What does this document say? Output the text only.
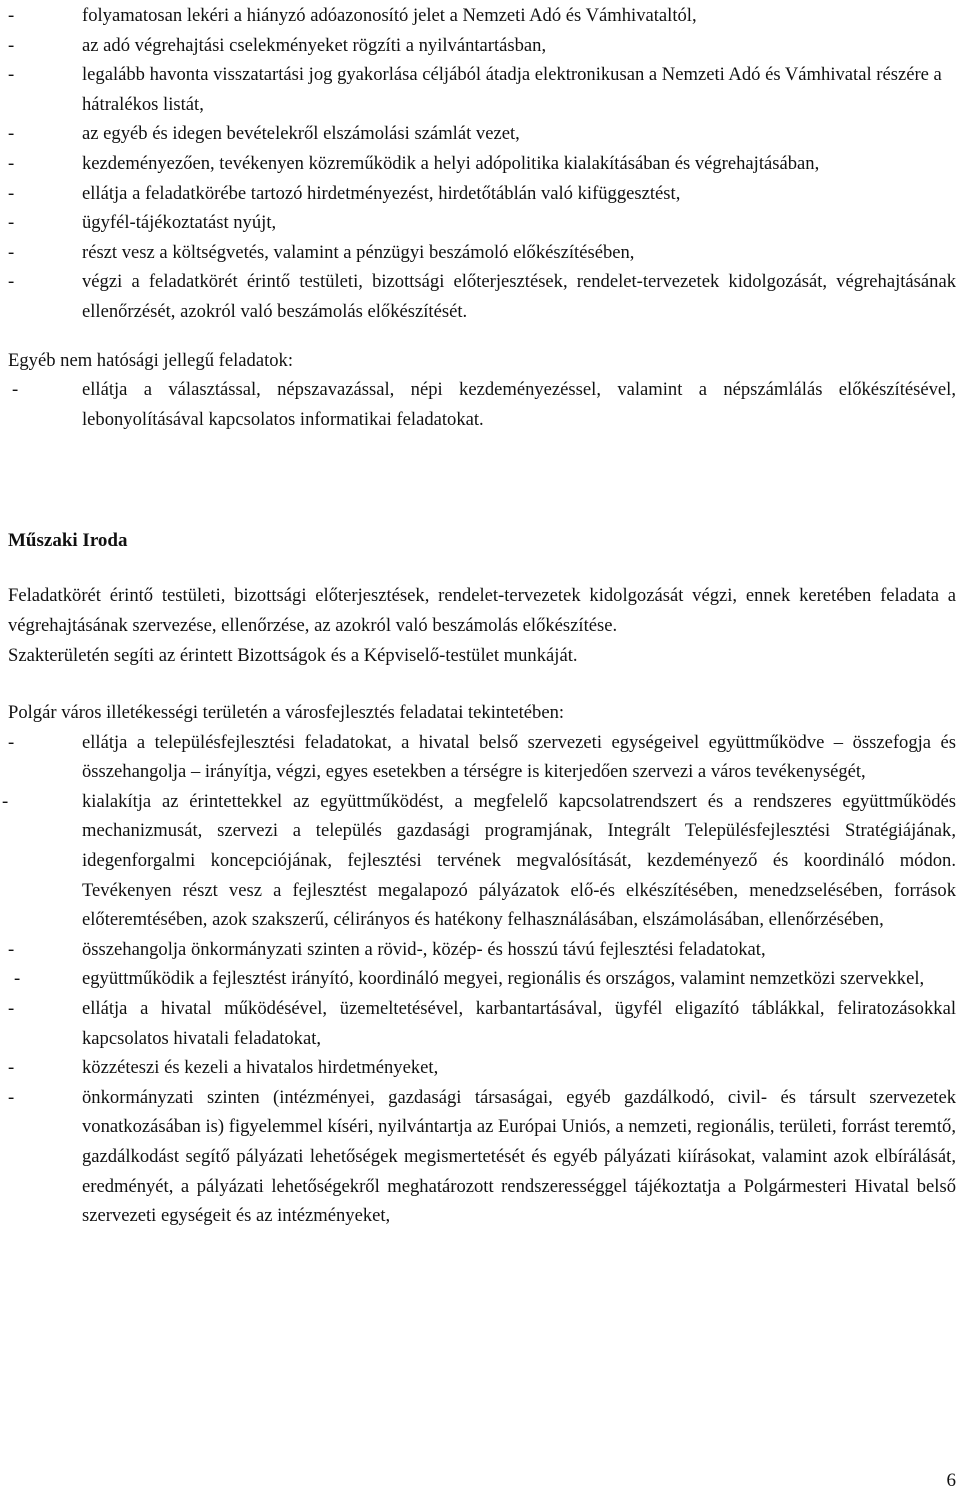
-	folyamatosan lekéri a hiányzó adóazonosító jelet a Nemzeti Adó és Vámhivataltól,
-	az adó végrehajtási cselekményeket rögzíti a nyilvántartásban,
-	legalább havonta visszatartási jog gyakorlása céljából átadja elektronikusan a Nemzeti Adó és Vámhivatal részére a hátralékos listát,
-	az egyéb és idegen bevételekről elszámolási számlát vezet,
-	kezdeményezően, tevékenyen közreműködik a helyi adópolitika kialakításában és végrehajtásában,
-	ellátja a feladatkörébe tartozó hirdetményezést, hirdetőtáblán való kifüggesztést,
-	ügyfél-tájékoztatást nyújt,
-	részt vesz a költségvetés, valamint a pénzügyi beszámoló előkészítésében,
-	végzi a feladatkörét érintő testületi, bizottsági előterjesztések, rendelet-tervezetek kidolgozását, végrehajtásának ellenőrzését, azokról való beszámolás előkészítését.

Egyéb nem hatósági jellegű feladatok:

-	ellátja a választással, népszavazással, népi kezdeményezéssel, valamint a népszámlálás előkészítésével, lebonyolításával kapcsolatos informatikai feladatokat.
Műszaki Iroda

Feladatkörét érintő testületi, bizottsági előterjesztések, rendelet-tervezetek kidolgozását végzi, ennek keretében feladata a végrehajtásának szervezése, ellenőrzése, az azokról való beszámolás előkészítése.

Szakterületén segíti az érintett Bizottságok és a Képviselő-testület munkáját.

Polgár város illetékességi területén a városfejlesztés feladatai tekintetében:

-	ellátja a településfejlesztési feladatokat, a hivatal belső szervezeti egységeivel együttműködve – összefogja és összehangolja – irányítja, végzi, egyes esetekben a térségre is kiterjedően szervezi a város tevékenységét,
-	kialakítja az érintettekkel az együttműködést, a megfelelő kapcsolatrendszert és a rendszeres együttműködés mechanizmusát, szervezi a település gazdasági programjának, Integrált Településfejlesztési Stratégiájának, idegenforgalmi koncepciójának, fejlesztési tervének megvalósítását, kezdeményező és koordináló módon. Tevékenyen részt vesz a fejlesztést megalapozó pályázatok elő-és elkészítésében, menedzselésében, források előteremtésében, azok szakszerű, célirányos és hatékony felhasználásában, elszámolásában, ellenőrzésében,
-	összehangolja önkormányzati szinten a rövid-, közép- és hosszú távú fejlesztési feladatokat,
-	együttműködik a fejlesztést irányító, koordináló megyei, regionális és országos, valamint nemzetközi szervekkel,
-	ellátja a hivatal működésével, üzemeltetésével, karbantartásával, ügyfél eligazító táblákkal, feliratozásokkal kapcsolatos hivatali feladatokat,
-	közzéteszi és kezeli a hivatalos hirdetményeket,
-	önkormányzati szinten (intézményei, gazdasági társaságai, egyéb gazdálkodó, civil- és társult szervezetek vonatkozásában is) figyelemmel kíséri, nyilvántartja az Európai Uniós, a nemzeti, regionális, területi, forrást teremtő, gazdálkodást segítő pályázati lehetőségek megismertetését és egyéb pályázati kiírásokat, valamint azok elbírálását, eredményét, a pályázati lehetőségekről meghatározott rendszerességgel tájékoztatja a Polgármesteri Hivatal belső szervezeti egységeit és az intézményeket,
6
